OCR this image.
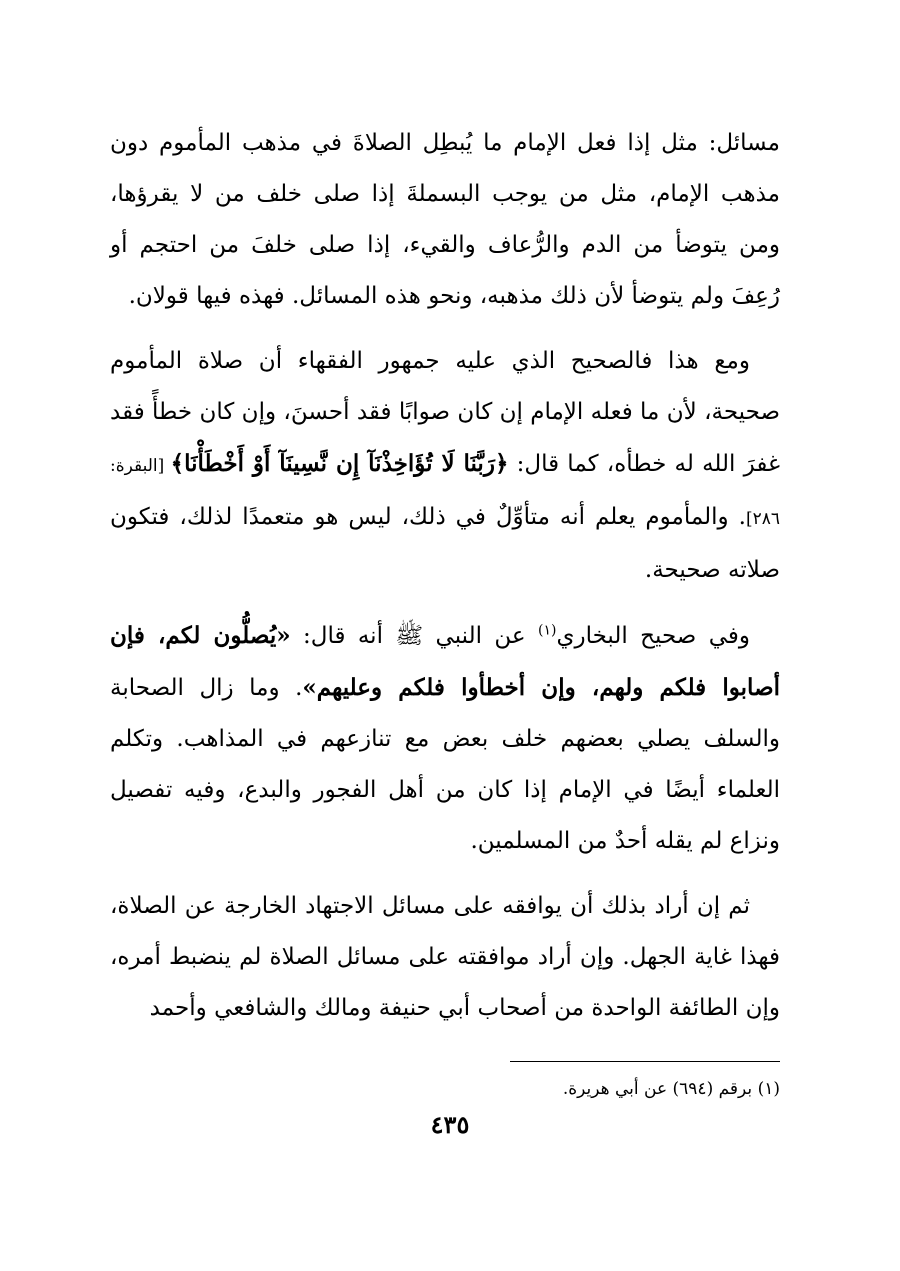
مسائل: مثل إذا فعل الإمام ما يُبطِل الصلاةَ في مذهب المأموم دون مذهب الإمام، مثل من يوجب البسملةَ إذا صلى خلف من لا يقرؤها، ومن يتوضأ من الدم والرُّعاف والقيء، إذا صلى خلفَ من احتجم أو رُعِفَ ولم يتوضأ لأن ذلك مذهبه، ونحو هذه المسائل. فهذه فيها قولان.

ومع هذا فالصحيح الذي عليه جمهور الفقهاء أن صلاة المأموم صحيحة، لأن ما فعله الإمام إن كان صوابًا فقد أحسنَ، وإن كان خطأً فقد غفرَ الله له خطأه، كما قال: ﴿رَبَّنَا لَا تُؤَاخِذْنَآ إِن نَّسِينَآ أَوْ أَخْطَأْنَا﴾ [البقرة: ٢٨٦]. والمأموم يعلم أنه متأوِّلٌ في ذلك، ليس هو متعمدًا لذلك، فتكون صلاته صحيحة.

وفي صحيح البخاري$^{(١)}$ عن النبي ﷺ أنه قال: «يُصلُّون لكم، فإن أصابوا فلكم ولهم، وإن أخطأوا فلكم وعليهم». وما زال الصحابة والسلف يصلي بعضهم خلف بعض مع تنازعهم في المذاهب. وتكلم العلماء أيضًا في الإمام إذا كان من أهل الفجور والبدع، وفيه تفصيل ونزاع لم يقله أحدٌ من المسلمين.

ثم إن أراد بذلك أن يوافقه على مسائل الاجتهاد الخارجة عن الصلاة، فهذا غاية الجهل. وإن أراد موافقته على مسائل الصلاة لم ينضبط أمره، وإن الطائفة الواحدة من أصحاب أبي حنيفة ومالك والشافعي وأحمد

(١) برقم (٦٩٤) عن أبي هريرة.
٤٣٥
